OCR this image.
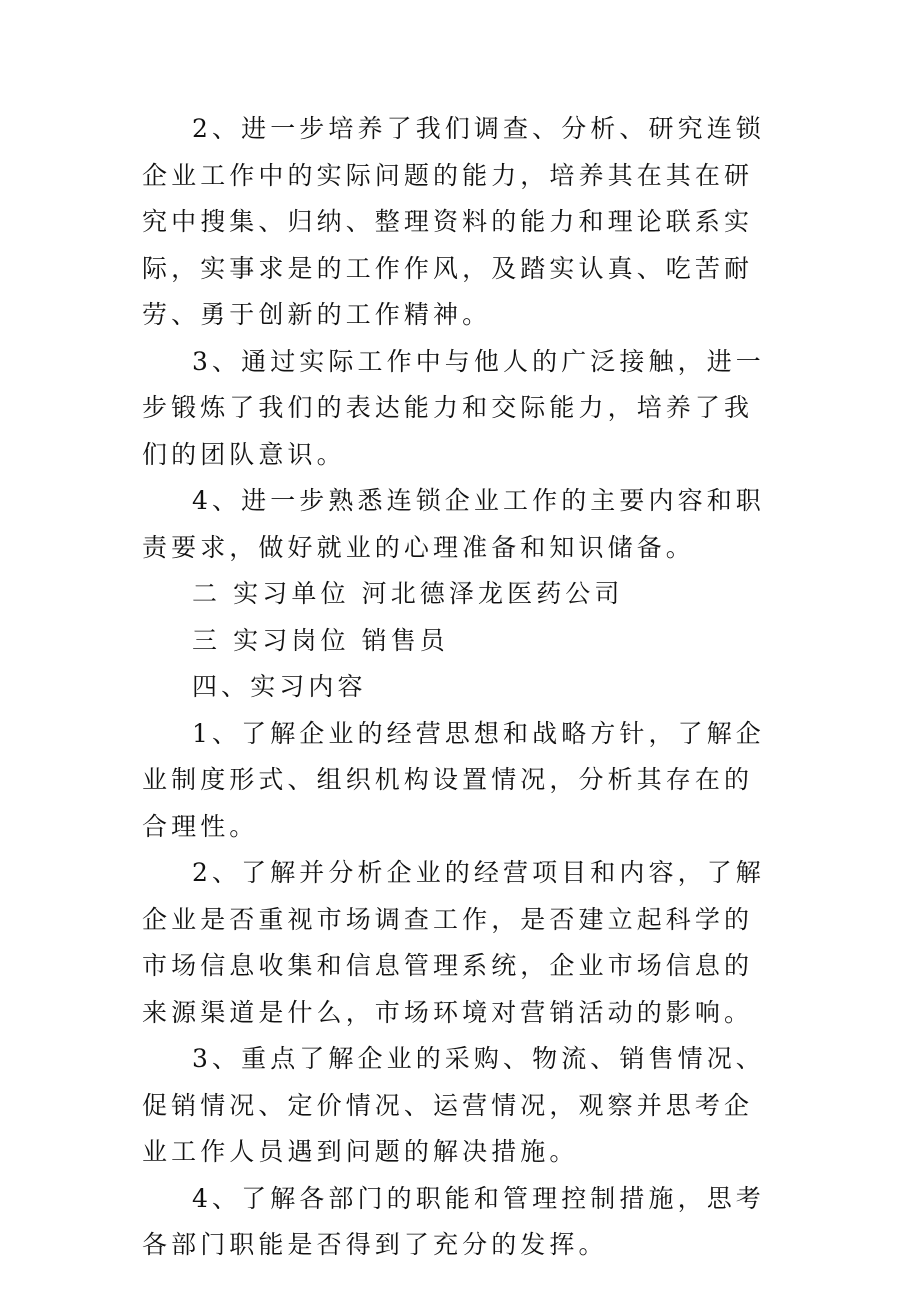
2、进一步培养了我们调查、分析、研究连锁企业工作中的实际问题的能力，培养其在其在研究中搜集、归纳、整理资料的能力和理论联系实际，实事求是的工作作风，及踏实认真、吃苦耐劳、勇于创新的工作精神。

3、通过实际工作中与他人的广泛接触，进一步锻炼了我们的表达能力和交际能力，培养了我们的团队意识。

4、进一步熟悉连锁企业工作的主要内容和职责要求，做好就业的心理准备和知识储备。

二 实习单位 河北德泽龙医药公司

三 实习岗位 销售员

四、实习内容

1、了解企业的经营思想和战略方针，了解企业制度形式、组织机构设置情况，分析其存在的合理性。

2、了解并分析企业的经营项目和内容，了解企业是否重视市场调查工作，是否建立起科学的市场信息收集和信息管理系统，企业市场信息的来源渠道是什么，市场环境对营销活动的影响。

3、重点了解企业的采购、物流、销售情况、促销情况、定价情况、运营情况，观察并思考企业工作人员遇到问题的解决措施。

4、了解各部门的职能和管理控制措施，思考各部门职能是否得到了充分的发挥。
